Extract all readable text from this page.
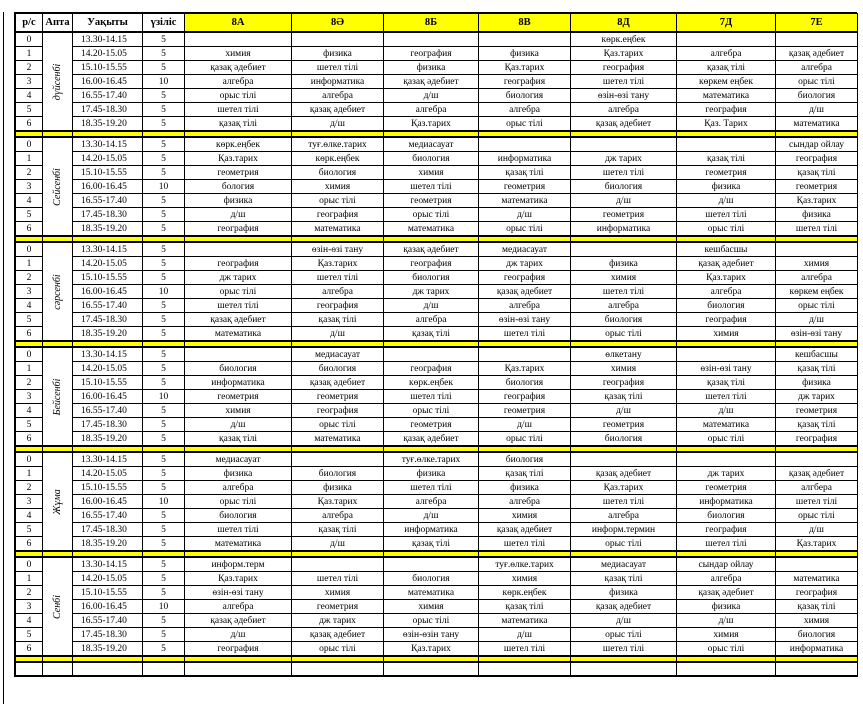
р/с	Апта	Уақыты	үзіліс	8А	8Ә	8Б	8В	8Д	7Д	7Е
0	дүйсенбі	13.30-14.15	5					көрк.еңбек		
1		14.20-15.05	5	химия	физика	география	физика	Қаз.тарих	алгебра	қазақ әдебиет
2		15.10-15.55	5	қазақ әдебиет	шетел тілі	физика	Қаз.тарих	география	қазақ тілі	алгебра
3		16.00-16.45	10	алгебра	информатика	қазақ әдебиет	география	шетел тілі	көркем еңбек	орыс тілі
4		16.55-17.40	5	орыс тілі	алгебра	д/ш	биология	өзін-өзі тану	математика	биология
5		17.45-18.30	5	шетел тілі	қазақ әдебиет	алгебра	алгебра	алгебра	география	д/ш
6		18.35-19.20	5	қазақ тілі	д/ш	Қаз.тарих	орыс тілі	қазақ әдебиет	Қаз. Тарих	математика

0	Сейсенбі	13.30-14.15	5	көрк.еңбек	туғ.өлке.тарих	медиасауат				сындар ойлау
1		14.20-15.05	5	Қаз.тарих	көрк.еңбек	биология	информатика	дж тарих	қазақ тілі	география
2		15.10-15.55	5	геометрия	биология	химия	қазақ тілі	шетел тілі	геометрия	қазақ тілі
3		16.00-16.45	10	бология	химия	шетел тілі	геометрия	биология	физика	геометрия
4		16.55-17.40	5	физика	орыс тілі	геометрия	математика	д/ш	д/ш	Қаз.тарих
5		17.45-18.30	5	д/ш	география	орыс тілі	д/ш	геометрия	шетел тілі	физика
6		18.35-19.20	5	география	математика	математика	орыс тілі	информатика	орыс тілі	шетел тілі

0	сәрсенбі	13.30-14.15	5		өзін-өзі тану	қазақ әдебиет	медиасауат		кешбасшы	
1		14.20-15.05	5	география	Қаз.тарих	география	дж тарих	физика	қазақ әдебиет	химия
2		15.10-15.55	5	дж тарих	шетел тілі	биология	география	химия	Қаз.тарих	алгебра
3		16.00-16.45	10	орыс тілі	алгебра	дж тарих	қазақ әдебиет	шетел тілі	алгебра	көркем еңбек
4		16.55-17.40	5	шетел тілі	география	д/ш	алгебра	алгебра	биология	орыс тілі
5		17.45-18.30	5	қазақ әдебиет	қазақ тілі	алгебра	өзін-өзі тану	биология	география	д/ш
6		18.35-19.20	5	математика	д/ш	қазақ тілі	шетел тілі	орыс тілі	химия	өзін-өзі тану

0	Бейсенбі	13.30-14.15	5		медиасауат			өлкетану		кешбасшы
1		14.20-15.05	5	биология	биология	география	Қаз.тарих	химия	өзін-өзі тану	қазақ тілі
2		15.10-15.55	5	информатика	қазақ әдебиет	көрк.еңбек	биология	география	қазақ тілі	физика
3		16.00-16.45	10	геометрия	геометрия	шетел тілі	география	қазақ тілі	шетел тілі	дж тарих
4		16.55-17.40	5	химия	география	орыс тілі	геометрия	д/ш	д/ш	геометрия
5		17.45-18.30	5	д/ш	орыс тілі	геометрия	д/ш	геометрия	математика	қазақ тілі
6		18.35-19.20	5	қазақ тілі	математика	қазақ әдебиет	орыс тілі	биология	орыс тілі	география

0	Жұма	13.30-14.15	5	медиасауат		туғ.өлке.тарих	биология			
1		14.20-15.05	5	физика	биология	физика	қазақ тілі	қазақ әдебиет	дж тарих	қазақ әдебиет
2		15.10-15.55	5	алгебра	физика	шетел тілі	физика	Қаз.тарих	геометрия	алгбера
3		16.00-16.45	10	орыс тілі	Қаз.тарих	алгебра	алгебра	шетел тілі	информатика	шетел тілі
4		16.55-17.40	5	биология	алгебра	д/ш	химия	алгебра	биология	орыс тілі
5		17.45-18.30	5	шетел тілі	қазақ тілі	информатика	қазақ әдебиет	информ.термин	география	д/ш
6		18.35-19.20	5	математика	д/ш	қазақ тілі	шетел тілі	орыс тілі	шетел тілі	Қаз.тарих

0	Сенбі	13.30-14.15	5	информ.терм			туғ.өлке.тарих	медиасауат	сындар ойлау	
1		14.20-15.05	5	Қаз.тарих	шетел тілі	биология	химия	қазақ тілі	алгебра	математика
2		15.10-15.55	5	өзін-өзі тану	химия	математика	көрк.еңбек	физика	қазақ әдебиет	география
3		16.00-16.45	10	алгебра	геометрия	химия	қазақ тілі	қазақ әдебиет	физика	қазақ тілі
4		16.55-17.40	5	қазақ әдебиет	дж тарих	орыс тілі	математика	д/ш	д/ш	химия
5		17.45-18.30	5	д/ш	қазақ әдебиет	өзін-өзін тану	д/ш	орыс тілі	химия	биология
6		18.35-19.20	5	география	орыс тілі	Қаз.тарих	шетел тілі	шетел тілі	орыс тілі	информатика
